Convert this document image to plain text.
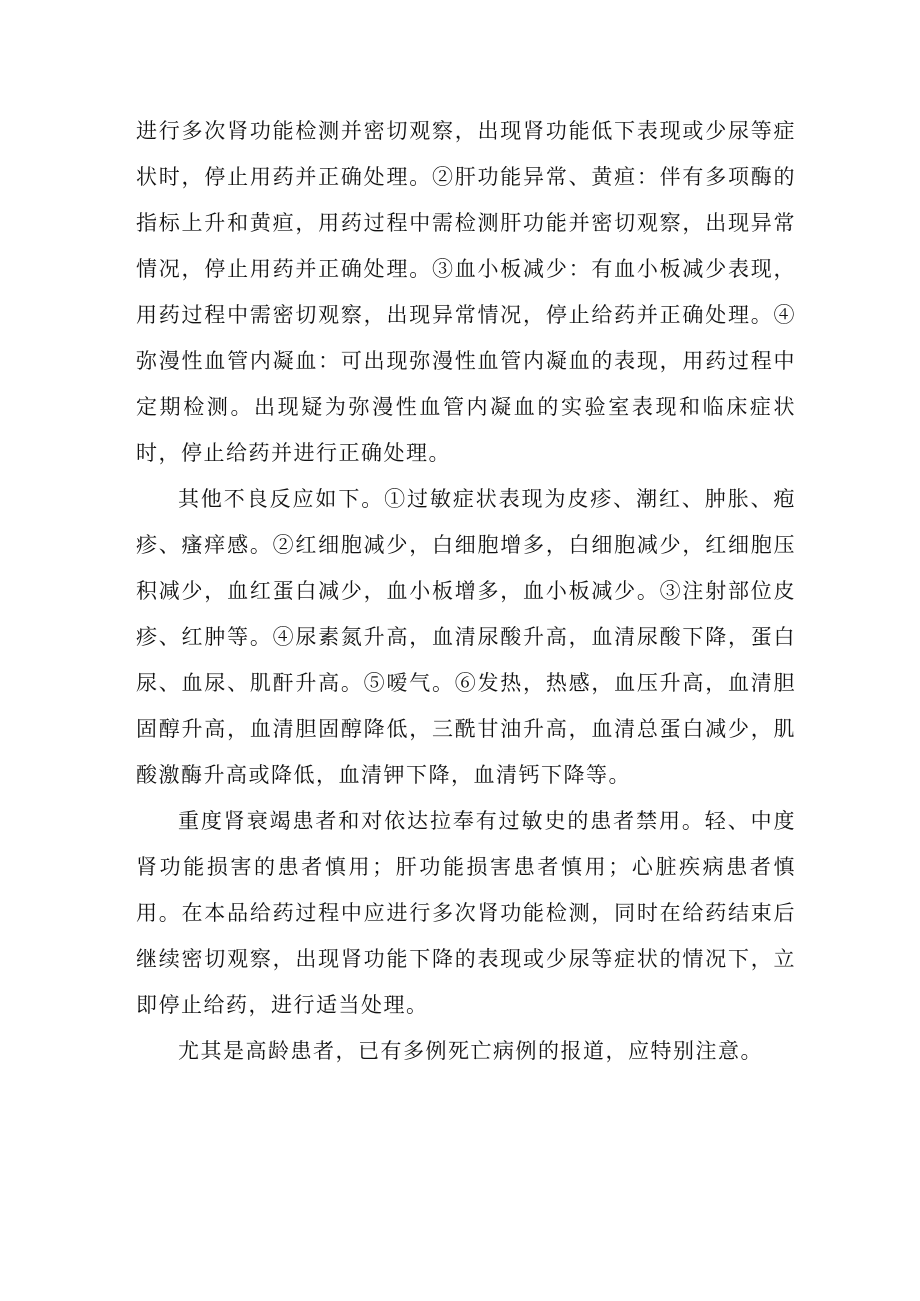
进行多次肾功能检测并密切观察，出现肾功能低下表现或少尿等症状时，停止用药并正确处理。②肝功能异常、黄疸：伴有多项酶的指标上升和黄疸，用药过程中需检测肝功能并密切观察，出现异常情况，停止用药并正确处理。③血小板减少：有血小板减少表现，用药过程中需密切观察，出现异常情况，停止给药并正确处理。④弥漫性血管内凝血：可出现弥漫性血管内凝血的表现，用药过程中定期检测。出现疑为弥漫性血管内凝血的实验室表现和临床症状时，停止给药并进行正确处理。

其他不良反应如下。①过敏症状表现为皮疹、潮红、肿胀、疱疹、瘙痒感。②红细胞减少，白细胞增多，白细胞减少，红细胞压积减少，血红蛋白减少，血小板增多，血小板减少。③注射部位皮疹、红肿等。④尿素氮升高，血清尿酸升高，血清尿酸下降，蛋白尿、血尿、肌酐升高。⑤嗳气。⑥发热，热感，血压升高，血清胆固醇升高，血清胆固醇降低，三酰甘油升高，血清总蛋白减少，肌酸激酶升高或降低，血清钾下降，血清钙下降等。

重度肾衰竭患者和对依达拉奉有过敏史的患者禁用。轻、中度肾功能损害的患者慎用；肝功能损害患者慎用；心脏疾病患者慎用。在本品给药过程中应进行多次肾功能检测，同时在给药结束后继续密切观察，出现肾功能下降的表现或少尿等症状的情况下，立即停止给药，进行适当处理。

尤其是高龄患者，已有多例死亡病例的报道，应特别注意。
